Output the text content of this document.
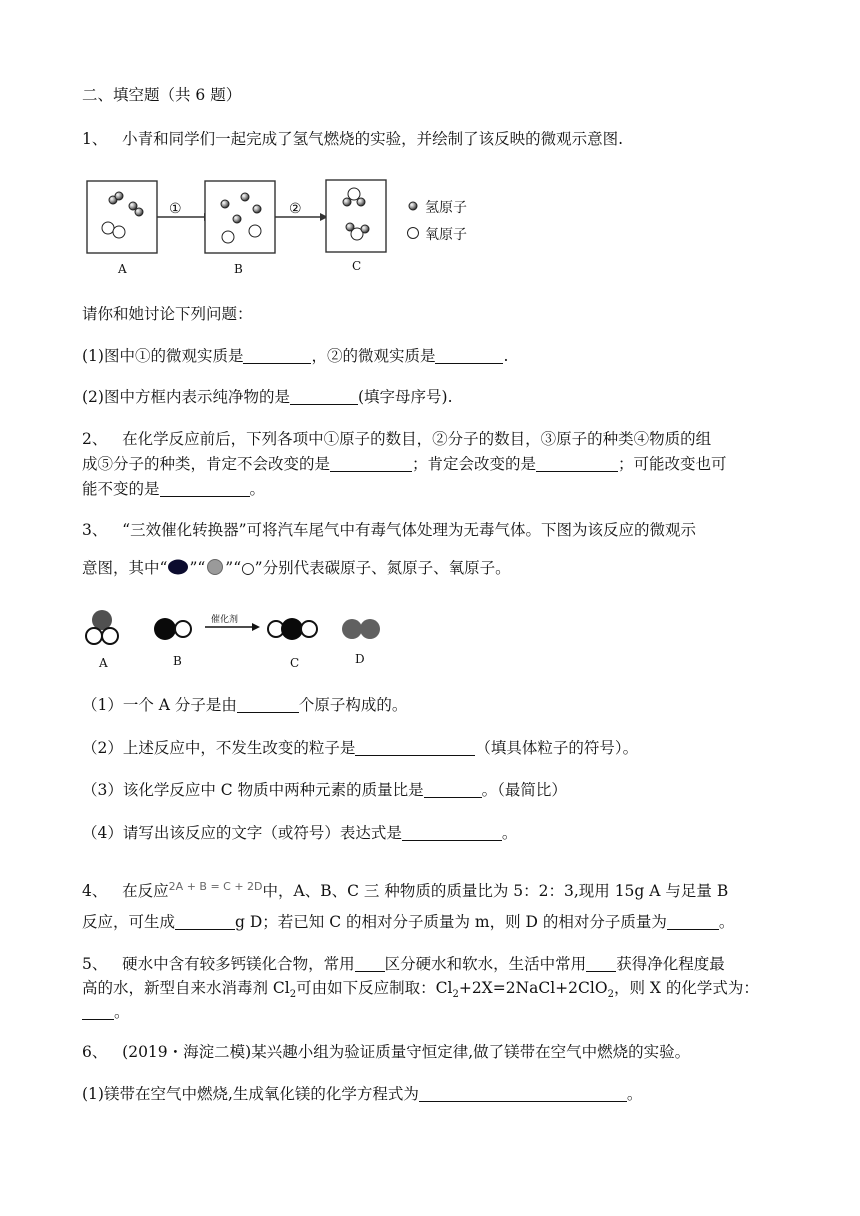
二、填空题（共 6 题）
1、 小青和同学们一起完成了氢气燃烧的实验，并绘制了该反映的微观示意图.
①	②
A	B	C
氢原子
氧原子
请你和她讨论下列问题：
(1)图中①的微观实质是	，②的微观实质是	.
(2)图中方框内表示纯净物的是	(填字母序号).
2、 在化学反应前后，下列各项中①原子的数目，②分子的数目，③原子的种类④物质的组
成⑤分子的种类，肯定不会改变的是	；肯定会改变的是	；可能改变也可
能不变的是	。
3、 “三效催化转换器”可将汽车尾气中有毒气体处理为无毒气体。下图为该反应的微观示
意图，其中“ ”“ ”“○”分别代表碳原子、氮原子、氧原子。
催化剂
A	B	C	D
（1）一个 A 分子是由	个原子构成的。
（2）上述反应中，不发生改变的粒子是	（填具体粒子的符号）。
（3）该化学反应中 C 物质中两种元素的质量比是	。（最简比）
（4）请写出该反应的文字（或符号）表达式是	。
4、 在反应$^{2A + B = C + 2D}$中，A、B、C 三 种物质的质量比为 5：2：3,现用 15g A 与足量 B
反应，可生成	g D；若已知 C 的相对分子质量为 m，则 D 的相对分子质量为	。
5、 硬水中含有较多钙镁化合物，常用 区分硬水和软水，生活中常用 获得净化程度最
高的水，新型自来水消毒剂 $Cl_2$可由如下反应制取：$Cl_2+2X=2NaCl+2ClO_2$，则 X 的化学式为：
。
6、 (2019・海淀二模)某兴趣小组为验证质量守恒定律,做了镁带在空气中燃烧的实验。
(1)镁带在空气中燃烧,生成氧化镁的化学方程式为	。
